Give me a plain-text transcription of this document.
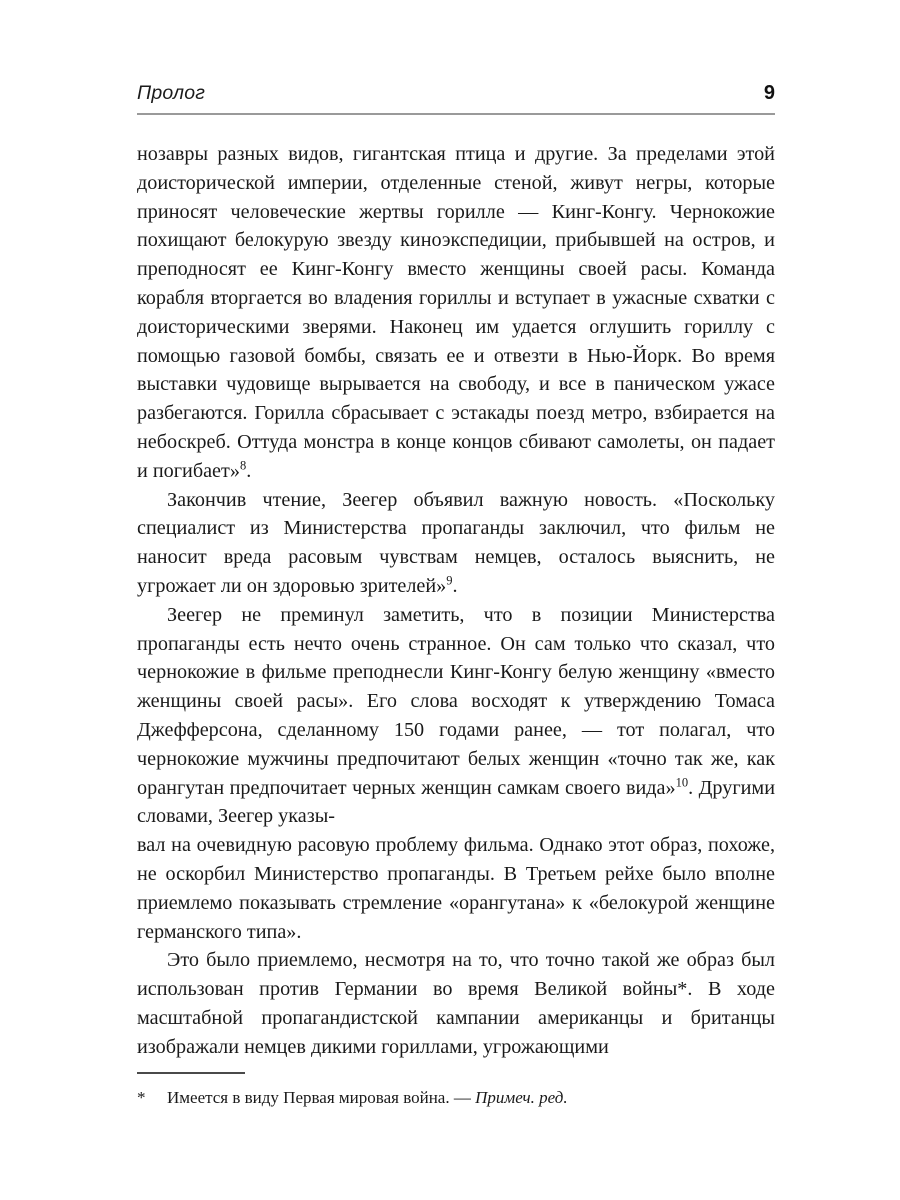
Пролог	9

нозавры разных видов, гигантская птица и другие. За пределами этой доисторической империи, отделенные стеной, живут негры, которые приносят человеческие жертвы горилле — Кинг-Конгу. Чернокожие похищают белокурую звезду киноэкспедиции, прибывшей на остров, и преподносят ее Кинг-Конгу вместо женщины своей расы. Команда корабля вторгается во владения гориллы и вступает в ужасные схватки с доисторическими зверями. Наконец им удается оглушить гориллу с помощью газовой бомбы, связать ее и отвезти в Нью-Йорк. Во время выставки чудовище вырывается на свободу, и все в паническом ужасе разбегаются. Горилла сбрасывает с эстакады поезд метро, взбирается на небоскреб. Оттуда монстра в конце концов сбивают самолеты, он падает и погибает»$^8$.

Закончив чтение, Зеегер объявил важную новость. «Поскольку специалист из Министерства пропаганды заключил, что фильм не наносит вреда расовым чувствам немцев, осталось выяснить, не угрожает ли он здоровью зрителей»$^9$.

Зеегер не преминул заметить, что в позиции Министерства пропаганды есть нечто очень странное. Он сам только что сказал, что чернокожие в фильме преподнесли Кинг-Конгу белую женщину «вместо женщины своей расы». Его слова восходят к утверждению Томаса Джефферсона, сделанному 150 годами ранее, — тот полагал, что чернокожие мужчины предпочитают белых женщин «точно так же, как орангутан предпочитает черных женщин самкам своего вида»$^{10}$. Другими словами, Зеегер указы-

вал на очевидную расовую проблему фильма. Однако этот образ, похоже, не оскорбил Министерство пропаганды. В Третьем рейхе было вполне приемлемо показывать стремление «орангутана» к «белокурой женщине германского типа».

Это было приемлемо, несмотря на то, что точно такой же образ был использован против Германии во время Великой войны*. В ходе масштабной пропагандистской кампании американцы и британцы изображали немцев дикими гориллами, угрожающими

*	Имеется в виду Первая мировая война. — Примеч. ред.
